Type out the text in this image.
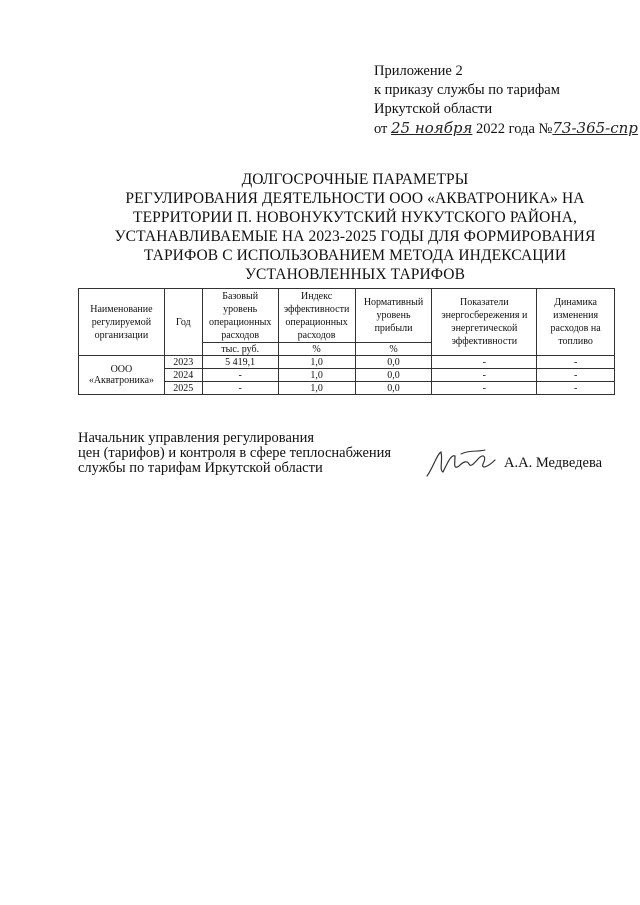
Приложение 2
к приказу службы по тарифам
Иркутской области
от 25 ноября 2022 года №73-365-спр
ДОЛГОСРОЧНЫЕ ПАРАМЕТРЫ
РЕГУЛИРОВАНИЯ ДЕЯТЕЛЬНОСТИ ООО «АКВАТРОНИКА» НА
ТЕРРИТОРИИ П. НОВОНУКУТСКИЙ НУКУТСКОГО РАЙОНА,
УСТАНАВЛИВАЕМЫЕ НА 2023-2025 ГОДЫ ДЛЯ ФОРМИРОВАНИЯ
ТАРИФОВ С ИСПОЛЬЗОВАНИЕМ МЕТОДА ИНДЕКСАЦИИ
УСТАНОВЛЕННЫХ ТАРИФОВ
Наименование регулируемой организации	Год	Базовый уровень операционных расходов	Индекс эффективности операционных расходов	Нормативный уровень прибыли	Показатели энергосбережения и энергетической эффективности	Динамика изменения расходов на топливо
		тыс. руб.	%	%		
ООО «Акватроника»	2023	5 419,1	1,0	0,0	-	-
	2024	-	1,0	0,0	-	-
	2025	-	1,0	0,0	-	-
Начальник управления регулирования
цен (тарифов) и контроля в сфере теплоснабжения
службы по тарифам Иркутской области	А.А. Медведева
